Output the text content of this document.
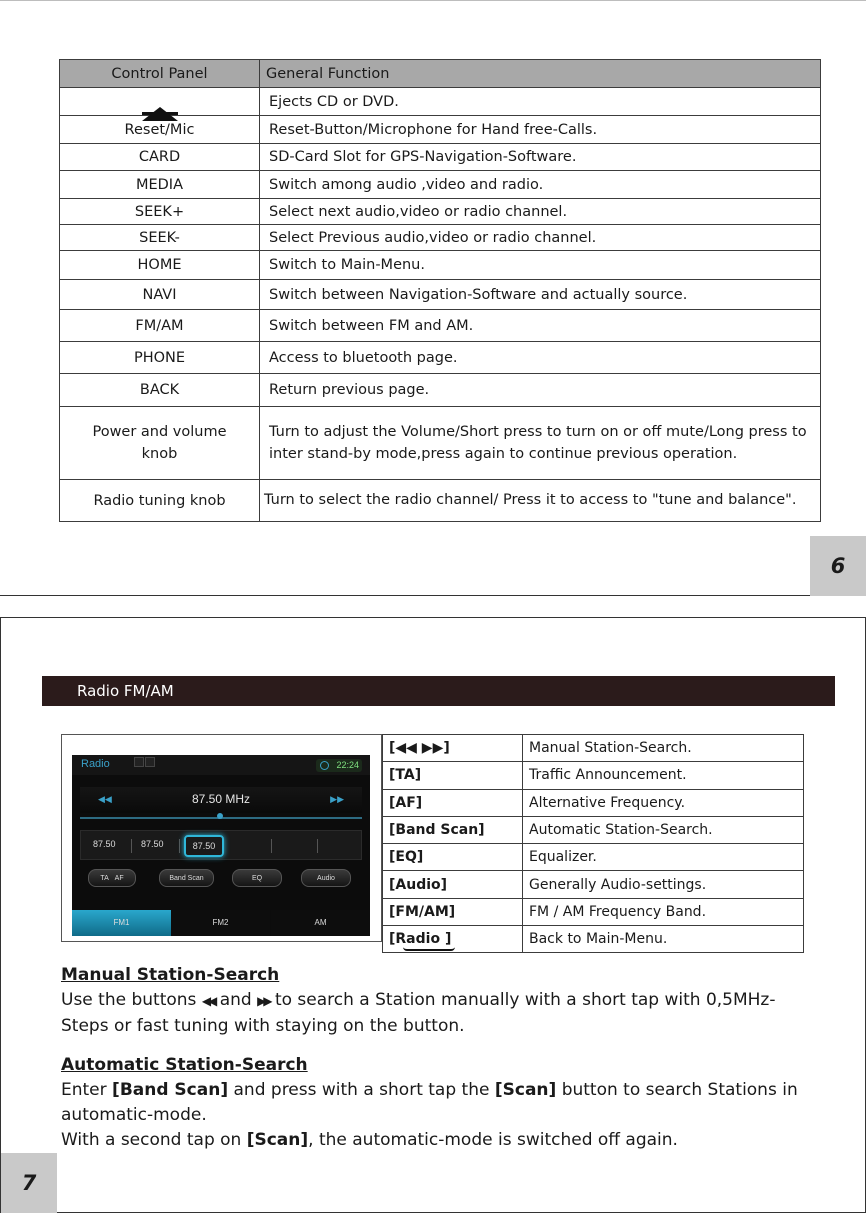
Control Panel	General Function

	Ejects CD or DVD.
Reset/Mic	Reset-Button/Microphone for Hand free-Calls.
CARD	SD-Card Slot for GPS-Navigation-Software.
MEDIA	Switch among audio ,video and radio.
SEEK+	Select next audio,video or radio channel.
SEEK-	Select Previous audio,video or radio channel.
HOME	Switch to Main-Menu.
NAVI	Switch between Navigation-Software and actually source.
FM/AM	Switch between FM and AM.
PHONE	Access to bluetooth page.
BACK	Return previous page.
Power and volume knob	Turn to adjust the Volume/Short press to turn on or off mute/Long press to inter stand-by mode,press again to continue previous operation.
Radio tuning knob	Turn to select the radio channel/ Press it to access to "tune and balance".
6
Radio FM/AM
Radio	22:24
◀◀	87.50 MHz	▶▶
87.50	87.50	87.50
TA AF	Band Scan	EQ	Audio
FM1	FM2	AM
[◀◀ ▶▶]	Manual Station-Search.
[TA]	Traffic Announcement.
[AF]	Alternative Frequency.
[Band Scan]	Automatic Station-Search.
[EQ]	Equalizer.
[Audio]	Generally Audio-settings.
[FM/AM]	FM / AM Frequency Band.
[Radio ]	Back to Main-Menu.
Manual Station-Search

Use the buttons ◀◀ and ▶▶ to search a Station manually with a short tap with 0,5MHz-Steps or fast tuning with staying on the button.

Automatic Station-Search

Enter [Band Scan] and press with a short tap the [Scan] button to search Stations in automatic-mode.

With a second tap on [Scan], the automatic-mode is switched off again.

7
